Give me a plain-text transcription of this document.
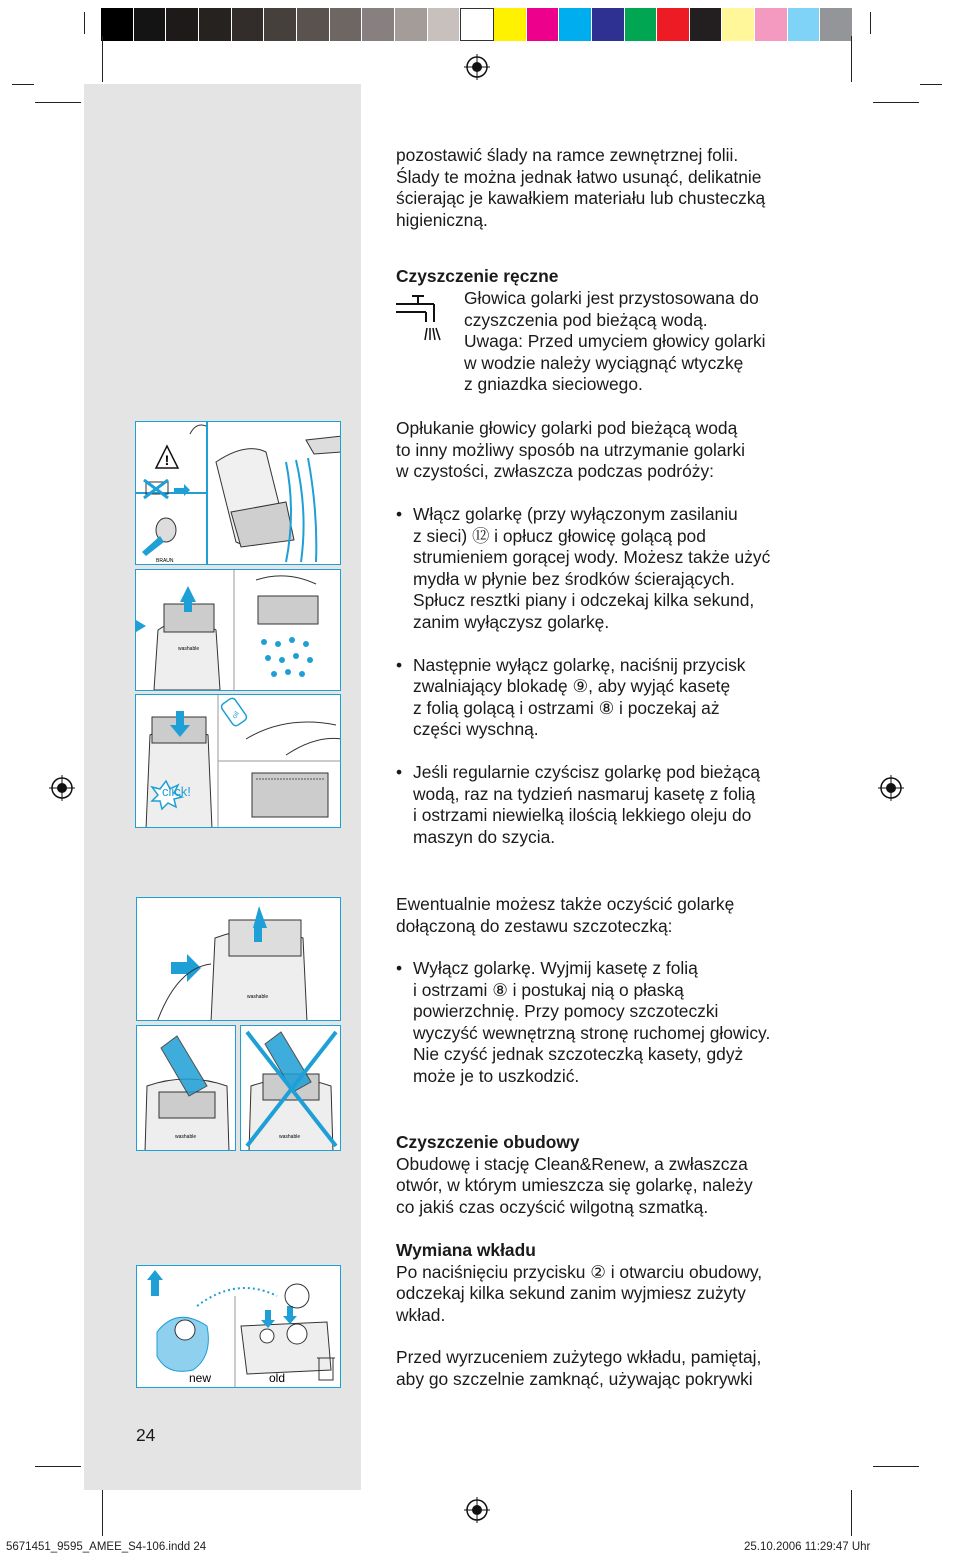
!
BRAUN
washable
click!
oil
washable
washable	washable
new	old
pozostawić ślady na ramce zewnętrznej folii.
Ślady te można jednak łatwo usunąć, delikatnie
ścierając je kawałkiem materiału lub chusteczką
higieniczną.
Czyszczenie ręczne
Głowica golarki jest przystosowana do
czyszczenia pod bieżącą wodą.
Uwaga: Przed umyciem głowicy golarki
w wodzie należy wyciągnąć wtyczkę
z gniazdka sieciowego.
Opłukanie głowicy golarki pod bieżącą wodą
to inny możliwy sposób na utrzymanie golarki
w czystości, zwłaszcza podczas podróży:
• Włącz golarkę (przy wyłączonym zasilaniu
z sieci) ⑫ i opłucz głowicę golącą pod
strumieniem gorącej wody. Możesz także użyć
mydła w płynie bez środków ścierających.
Spłucz resztki piany i odczekaj kilka sekund,
zanim wyłączysz golarkę.
• Następnie wyłącz golarkę, naciśnij przycisk
zwalniający blokadę ⑨, aby wyjąć kasetę
z folią golącą i ostrzami ⑧ i poczekaj aż
części wyschną.
• Jeśli regularnie czyścisz golarkę pod bieżącą
wodą, raz na tydzień nasmaruj kasetę z folią
i ostrzami niewielką ilością lekkiego oleju do
maszyn do szycia.
Ewentualnie możesz także oczyścić golarkę
dołączoną do zestawu szczoteczką:
• Wyłącz golarkę. Wyjmij kasetę z folią
i ostrzami ⑧ i postukaj nią o płaską
powierzchnię. Przy pomocy szczoteczki
wyczyść wewnętrzną stronę ruchomej głowicy.
Nie czyść jednak szczoteczką kasety, gdyż
może je to uszkodzić.
Czyszczenie obudowy
Obudowę i stację Clean&Renew, a zwłaszcza
otwór, w którym umieszcza się golarkę, należy
co jakiś czas oczyścić wilgotną szmatką.
Wymiana wkładu
Po naciśnięciu przycisku ② i otwarciu obudowy,
odczekaj kilka sekund zanim wyjmiesz zużyty
wkład.
Przed wyrzuceniem zużytego wkładu, pamiętaj,
aby go szczelnie zamknąć, używając pokrywki
24
5671451_9595_AMEE_S4-106.indd 24	25.10.2006 11:29:47 Uhr
